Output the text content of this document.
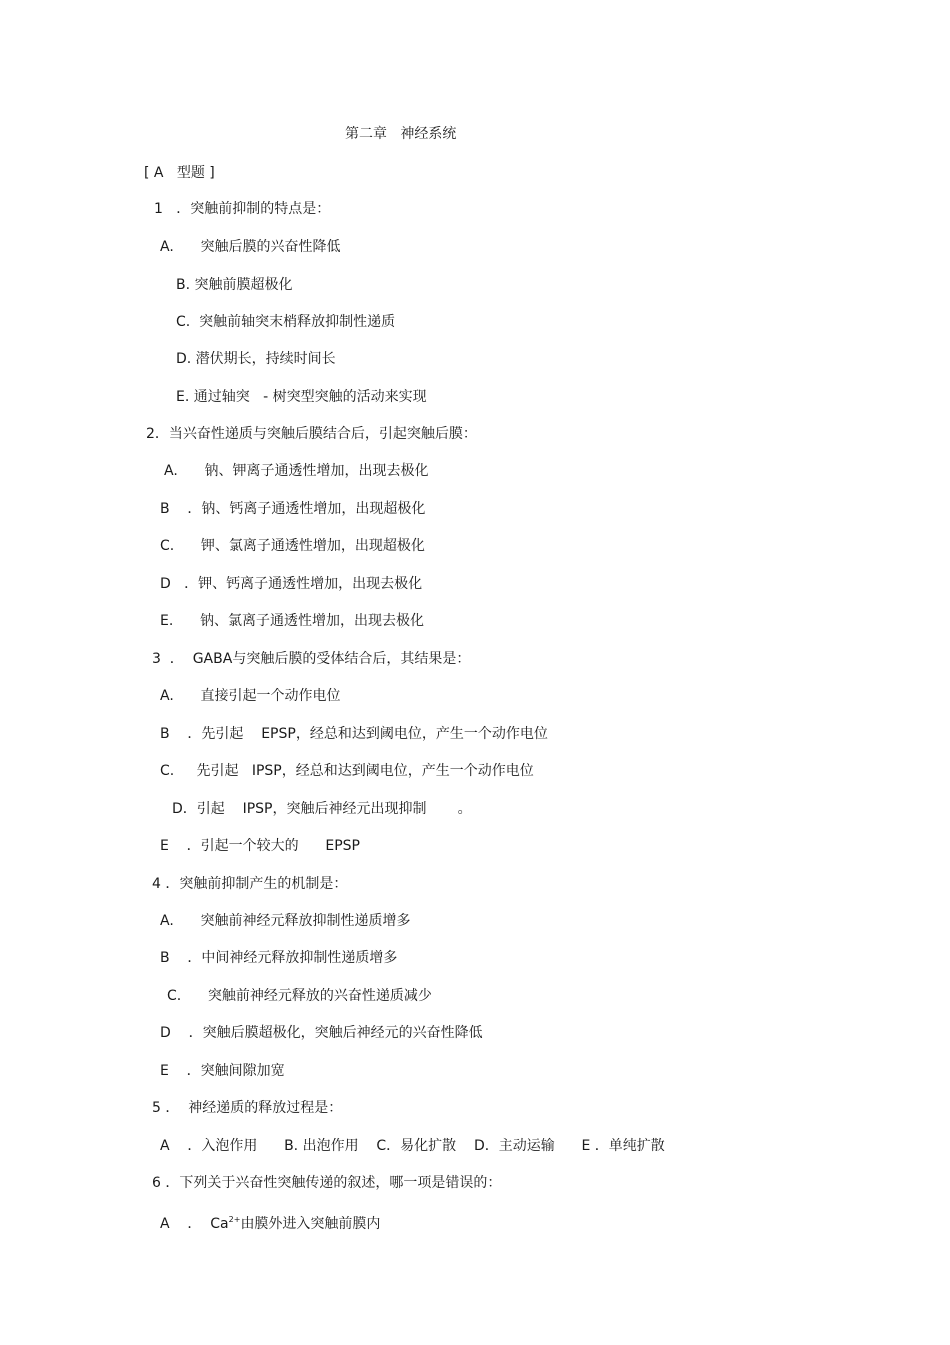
第二章   神经系统
[ A   型题 ]
1   ．突触前抑制的特点是：
A.      突触后膜的兴奋性降低
B. 突触前膜超极化
C.  突触前轴突末梢释放抑制性递质
D. 潜伏期长，持续时间长
E. 通过轴突   - 树突型突触的活动来实现
2．当兴奋性递质与突触后膜结合后，引起突触后膜：
A.      钠、钾离子通透性增加，出现去极化
B    ．钠、钙离子通透性增加，出现超极化
C.      钾、氯离子通透性增加，出现超极化
D   ．钾、钙离子通透性增加，出现去极化
E.      钠、氯离子通透性增加，出现去极化
3  ．  GABA与突触后膜的受体结合后，其结果是：
A.      直接引起一个动作电位
B    ．先引起    EPSP，经总和达到阈电位，产生一个动作电位
C.     先引起   IPSP，经总和达到阈电位，产生一个动作电位
D．引起    IPSP，突触后神经元出现抑制       。
E    ．引起一个较大的      EPSP
4 ．突触前抑制产生的机制是：
A.      突触前神经元释放抑制性递质增多
B    ．中间神经元释放抑制性递质增多
C.      突触前神经元释放的兴奋性递质减少
D    ．突触后膜超极化，突触后神经元的兴奋性降低
E    ．突触间隙加宽
5 ．  神经递质的释放过程是：
A    ．入泡作用      B. 出泡作用    C．易化扩散    D．主动运输      E ．单纯扩散
6 ．下列关于兴奋性突触传递的叙述，哪一项是错误的：
A    ．  $Ca^{2+}$由膜外进入突触前膜内
